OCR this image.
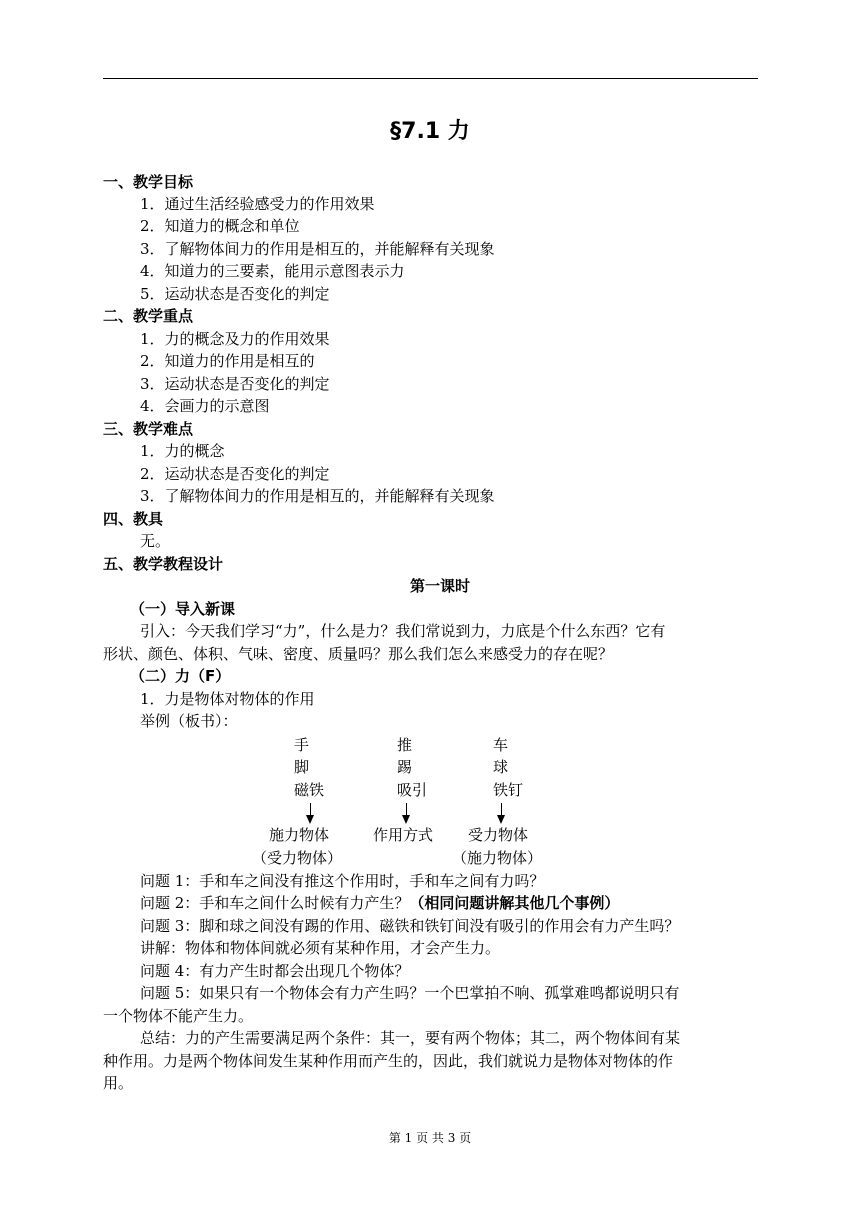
§7.1 力
一、教学目标
1．通过生活经验感受力的作用效果
2．知道力的概念和单位
3．了解物体间力的作用是相互的，并能解释有关现象
4．知道力的三要素，能用示意图表示力
5．运动状态是否变化的判定
二、教学重点
1．力的概念及力的作用效果
2．知道力的作用是相互的
3．运动状态是否变化的判定
4．会画力的示意图
三、教学难点
1．力的概念
2．运动状态是否变化的判定
3．了解物体间力的作用是相互的，并能解释有关现象
四、教具
无。
五、教学教程设计
第一课时
（一）导入新课
引入：今天我们学习“力”，什么是力？我们常说到力，力底是个什么东西？它有
形状、颜色、体积、气味、密度、质量吗？那么我们怎么来感受力的存在呢？
（二）力（F）
1．力是物体对物体的作用
举例（板书）：
手
脚
磁铁
推
踢
吸引
车
球
铁钉
施力物体	作用方式 受力物体
（受力物体）	（施力物体）
问题 1：手和车之间没有推这个作用时，手和车之间有力吗？
问题 2：手和车之间什么时候有力产生？（相同问题讲解其他几个事例）
问题 3：脚和球之间没有踢的作用、磁铁和铁钉间没有吸引的作用会有力产生吗？
讲解：物体和物体间就必须有某种作用，才会产生力。
问题 4：有力产生时都会出现几个物体？
问题 5：如果只有一个物体会有力产生吗？一个巴掌拍不响、孤掌难鸣都说明只有
一个物体不能产生力。
总结：力的产生需要满足两个条件：其一，要有两个物体；其二，两个物体间有某
种作用。力是两个物体间发生某种作用而产生的，因此，我们就说力是物体对物体的作
用。
第 1 页 共 3 页
